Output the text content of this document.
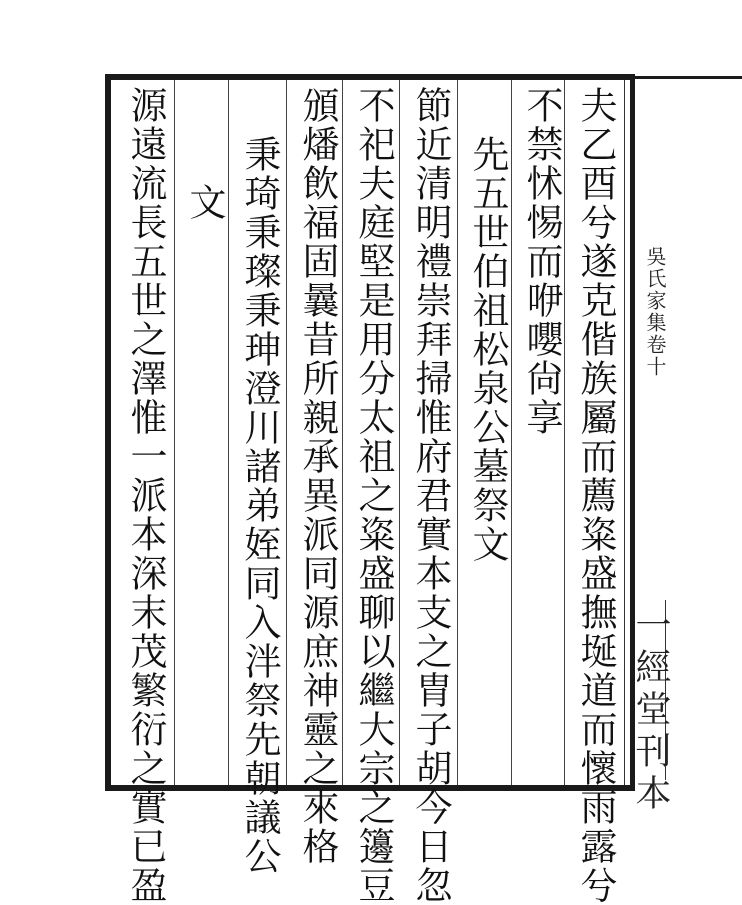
夫乙酉兮遂克偕族屬而薦粢盛撫埏道而懷雨露兮
不禁怵惕而咿嚶尙享
先五世伯祖松泉公墓祭文
節近清明禮崇拜掃惟府君實本支之胄子胡今日忽
不祀夫庭堅是用分太祖之粢盛聊以繼大宗之籩豆
頒燔飲福固曩昔所親承異派同源庶神靈之來格
秉琦秉璨秉珅澄川諸弟姪同入泮祭先朝議公
文
源遠流長五世之澤惟一派本深末茂繁衍之實已盈	吳氏家集卷十
一經堂刊本
